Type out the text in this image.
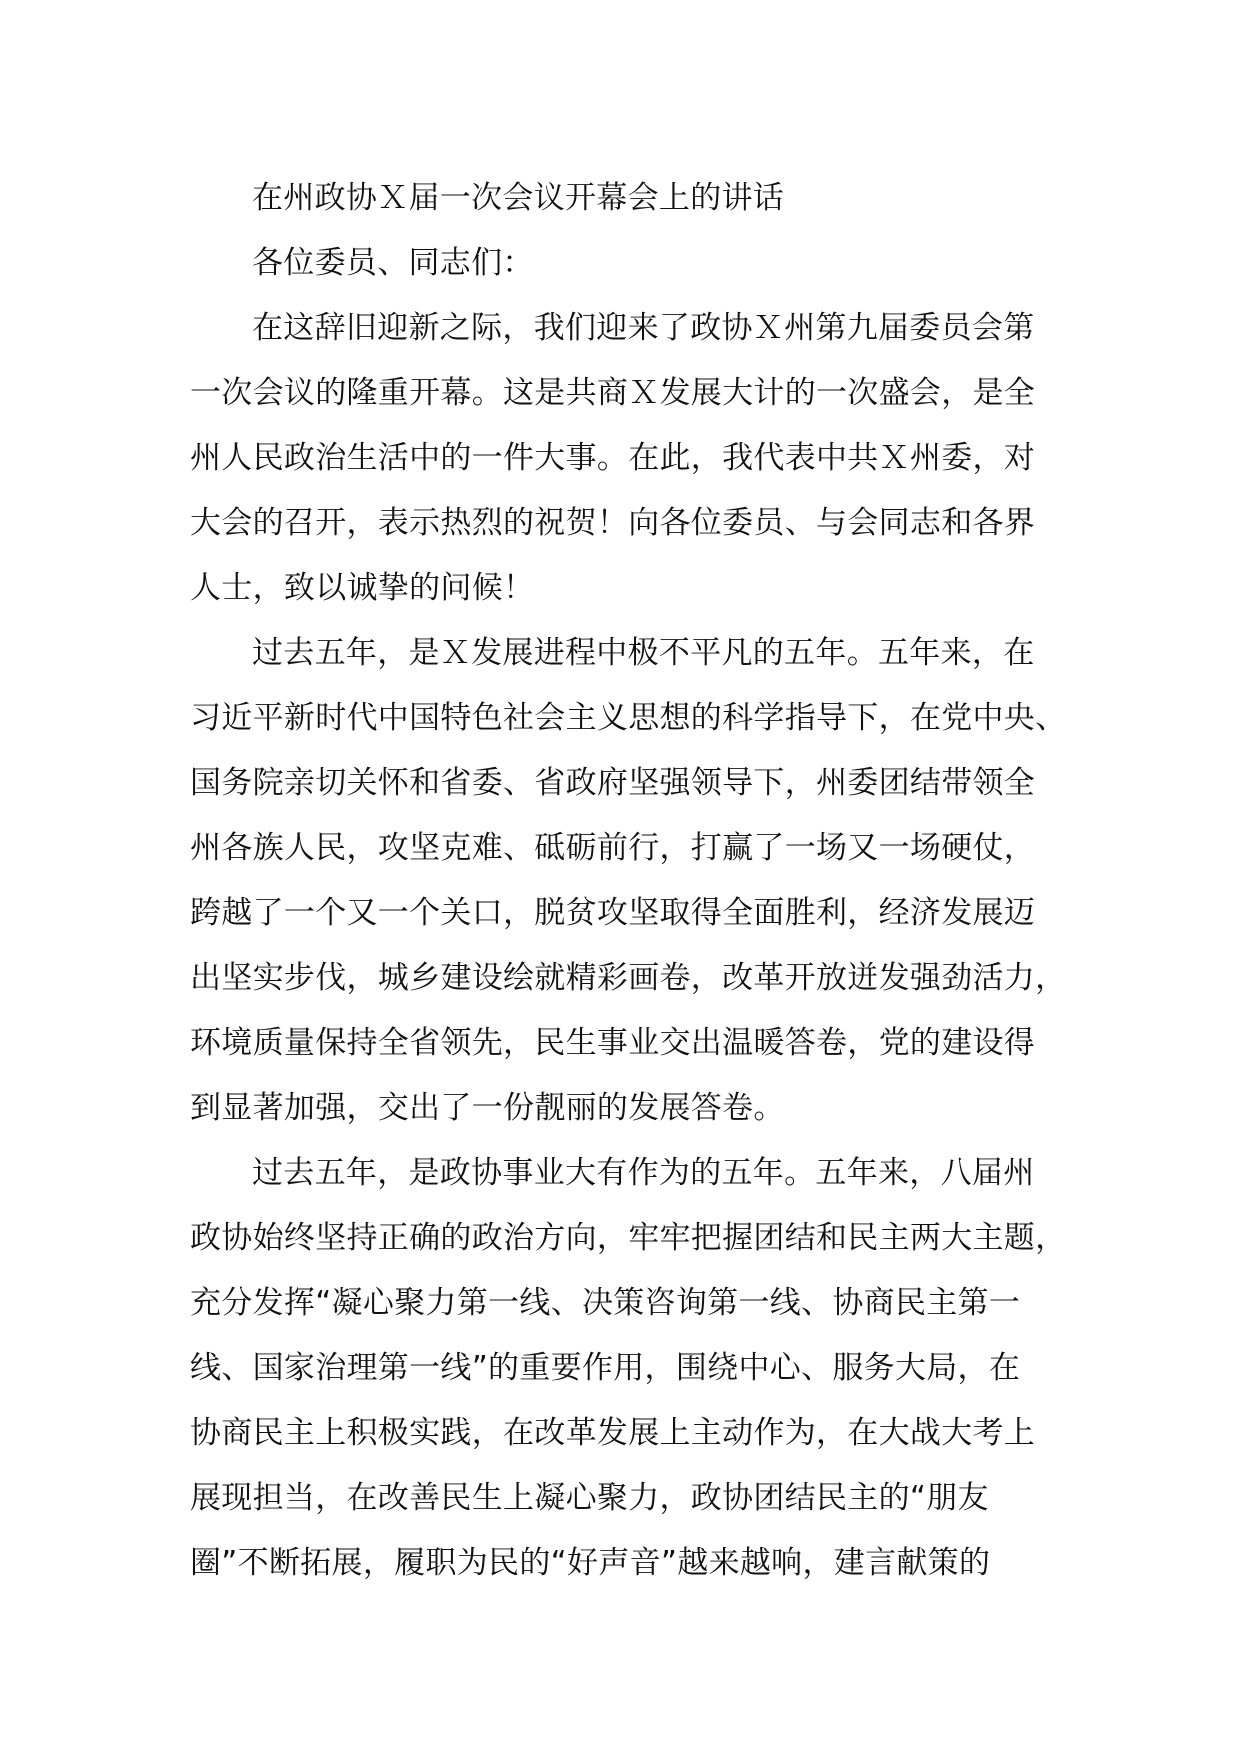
在州政协Ｘ届一次会议开幕会上的讲话
各位委员、同志们：
在这辞旧迎新之际，我们迎来了政协Ｘ州第九届委员会第
一次会议的隆重开幕。这是共商Ｘ发展大计的一次盛会，是全
州人民政治生活中的一件大事。在此，我代表中共Ｘ州委，对
大会的召开，表示热烈的祝贺！向各位委员、与会同志和各界
人士，致以诚挚的问候！
过去五年，是Ｘ发展进程中极不平凡的五年。五年来，在
习近平新时代中国特色社会主义思想的科学指导下，在党中央、
国务院亲切关怀和省委、省政府坚强领导下，州委团结带领全
州各族人民，攻坚克难、砥砺前行，打赢了一场又一场硬仗，
跨越了一个又一个关口，脱贫攻坚取得全面胜利，经济发展迈
出坚实步伐，城乡建设绘就精彩画卷，改革开放迸发强劲活力，
环境质量保持全省领先，民生事业交出温暖答卷，党的建设得
到显著加强，交出了一份靓丽的发展答卷。
过去五年，是政协事业大有作为的五年。五年来，八届州
政协始终坚持正确的政治方向，牢牢把握团结和民主两大主题，
充分发挥“凝心聚力第一线、决策咨询第一线、协商民主第一
线、国家治理第一线”的重要作用，围绕中心、服务大局，在
协商民主上积极实践，在改革发展上主动作为，在大战大考上
展现担当，在改善民生上凝心聚力，政协团结民主的“朋友
圈”不断拓展，履职为民的“好声音”越来越响，建言献策的
